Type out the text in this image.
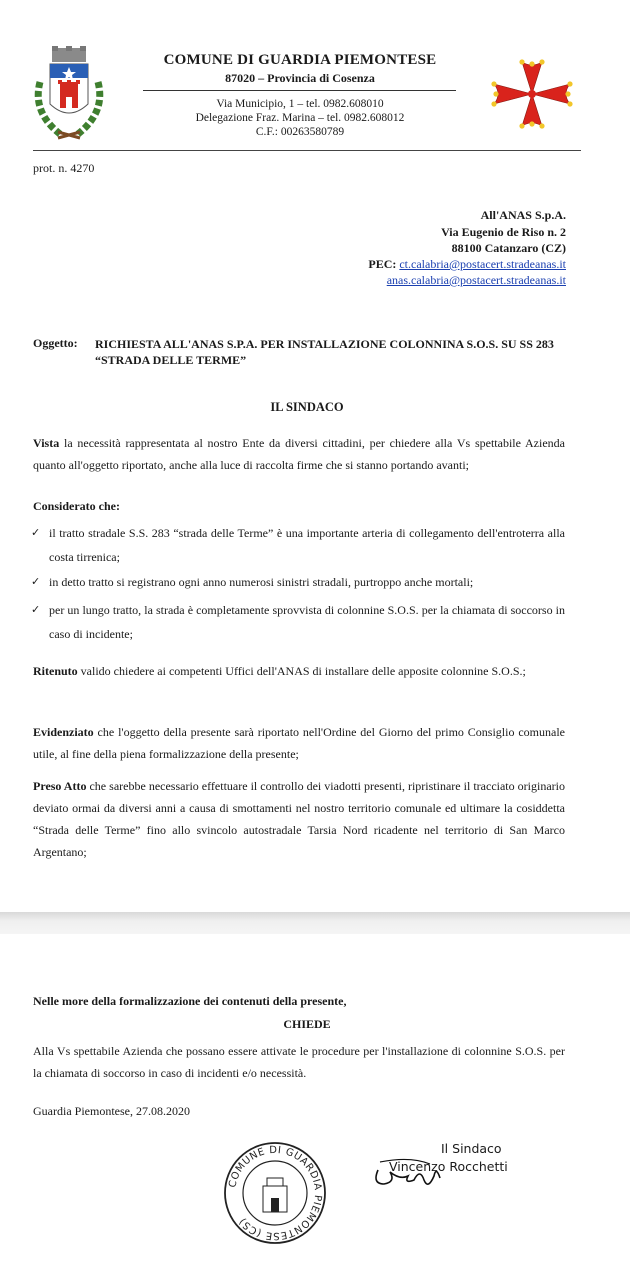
COMUNE DI GUARDIA PIEMONTESE
87020 – Provincia di Cosenza
Via Municipio, 1 – tel. 0982.608010
Delegazione Fraz. Marina – tel. 0982.608012
C.F.: 00263580789
prot. n. 4270
All'ANAS S.p.A.
Via Eugenio de Riso n. 2
88100 Catanzaro (CZ)
PEC: ct.calabria@postacert.stradeanas.it
anas.calabria@postacert.stradeanas.it
Oggetto: RICHIESTA ALL'ANAS S.P.A. PER INSTALLAZIONE COLONNINA S.O.S. SU SS 283 “STRADA DELLE TERME”
IL SINDACO
Vista la necessità rappresentata al nostro Ente da diversi cittadini, per chiedere alla Vs spettabile Azienda quanto all'oggetto riportato, anche alla luce di raccolta firme che si stanno portando avanti;
Considerato che:
✓ il tratto stradale S.S. 283 “strada delle Terme” è una importante arteria di collegamento dell'entroterra alla costa tirrenica;
✓ in detto tratto si registrano ogni anno numerosi sinistri stradali, purtroppo anche mortali;
✓ per un lungo tratto, la strada è completamente sprovvista di colonnine S.O.S. per la chiamata di soccorso in caso di incidente;
Ritenuto valido chiedere ai competenti Uffici dell'ANAS di installare delle apposite colonnine S.O.S.;
Evidenziato che l'oggetto della presente sarà riportato nell'Ordine del Giorno del primo Consiglio comunale utile, al fine della piena formalizzazione della presente;
Preso Atto che sarebbe necessario effettuare il controllo dei viadotti presenti, ripristinare il tracciato originario deviato ormai da diversi anni a causa di smottamenti nel nostro territorio comunale ed ultimare la cosiddetta “Strada delle Terme” fino allo svincolo autostradale Tarsia Nord ricadente nel territorio di San Marco Argentano;
Nelle more della formalizzazione dei contenuti della presente,
CHIEDE
Alla Vs spettabile Azienda che possano essere attivate le procedure per l'installazione di colonnine S.O.S. per la chiamata di soccorso in caso di incidenti e/o necessità.
Guardia Piemontese, 27.08.2020
COMUNE DI GUARDIA PIEMONTESE (CS)
Il Sindaco
Vincenzo Rocchetti
